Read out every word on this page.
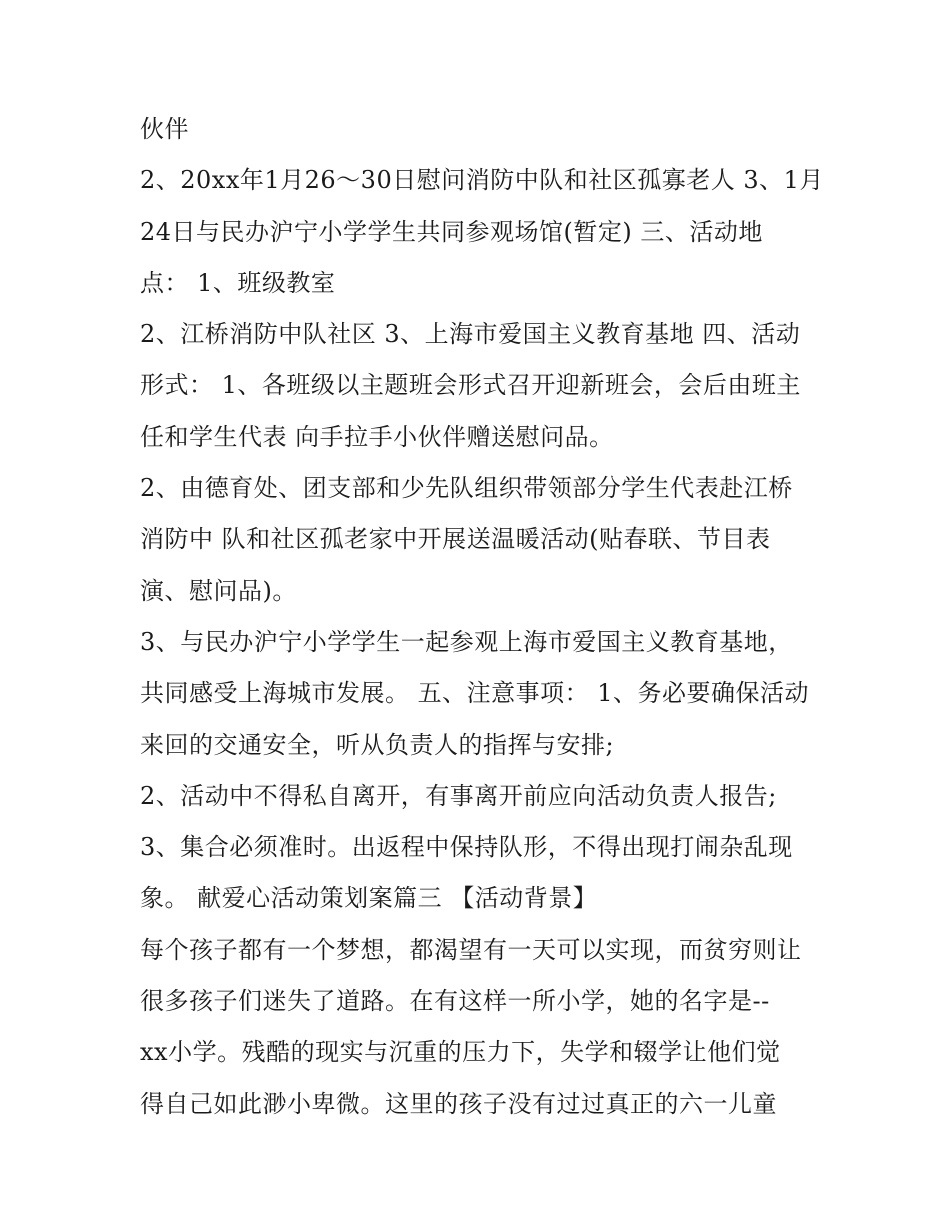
伙伴
2、20xx年1月26～30日慰问消防中队和社区孤寡老人 3、1月
24日与民办沪宁小学学生共同参观场馆(暂定) 三、活动地
点： 1、班级教室
2、江桥消防中队社区 3、上海市爱国主义教育基地 四、活动
形式： 1、各班级以主题班会形式召开迎新班会，会后由班主
任和学生代表 向手拉手小伙伴赠送慰问品。
2、由德育处、团支部和少先队组织带领部分学生代表赴江桥
消防中 队和社区孤老家中开展送温暖活动(贴春联、节目表
演、慰问品)。
3、与民办沪宁小学学生一起参观上海市爱国主义教育基地，
共同感受上海城市发展。 五、注意事项： 1、务必要确保活动
来回的交通安全，听从负责人的指挥与安排;
2、活动中不得私自离开，有事离开前应向活动负责人报告;
3、集合必须准时。出返程中保持队形，不得出现打闹杂乱现
象。 献爱心活动策划案篇三 【活动背景】
每个孩子都有一个梦想，都渴望有一天可以实现，而贫穷则让
很多孩子们迷失了道路。在有这样一所小学，她的名字是--
xx小学。残酷的现实与沉重的压力下，失学和辍学让他们觉
得自己如此渺小卑微。这里的孩子没有过过真正的六一儿童
